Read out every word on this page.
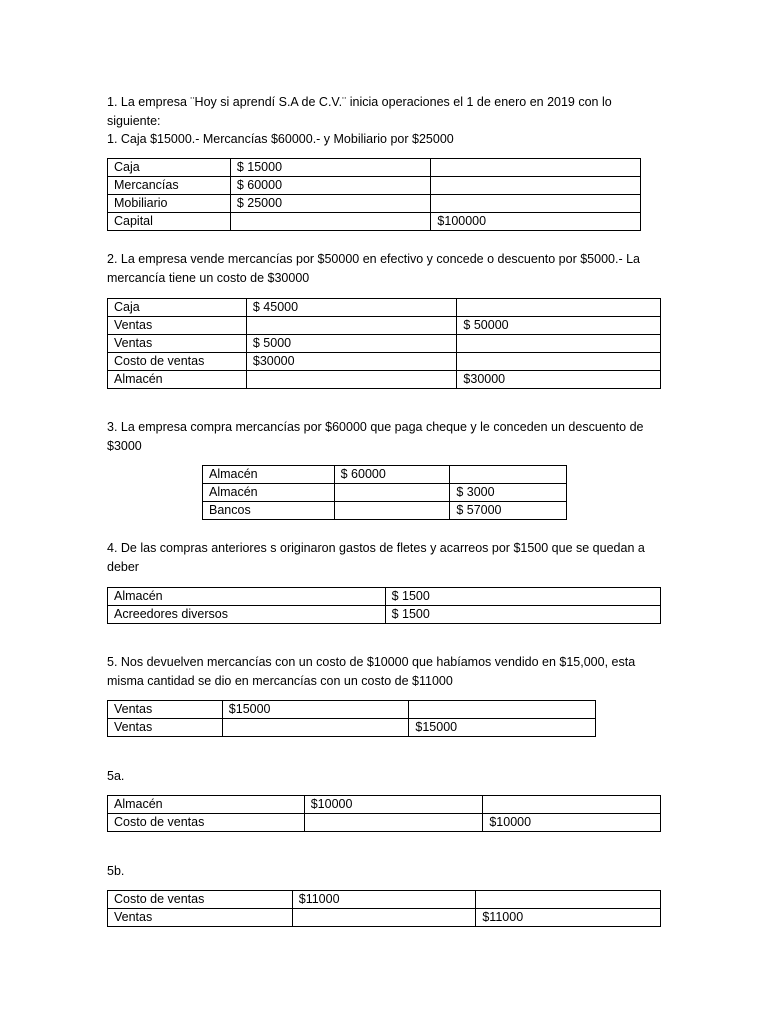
1. La empresa ¨Hoy si aprendí S.A de C.V.¨ inicia operaciones el 1 de enero en 2019 con lo siguiente:

1. Caja $15000.- Mercancías $60000.- y Mobiliario por $25000

Caja	$ 15000	
Mercancías	$ 60000	
Mobiliario	$ 25000	
Capital		$100000

2. La empresa vende mercancías por $50000 en efectivo y concede o descuento por $5000.- La mercancía tiene un costo de $30000

Caja	$ 45000	
Ventas		$ 50000
Ventas	$ 5000	
Costo de ventas	$30000	
Almacén		$30000

3. La empresa compra mercancías por $60000 que paga cheque y le conceden un descuento de $3000

Almacén	$ 60000	
Almacén		$ 3000
Bancos		$ 57000

4. De las compras anteriores s originaron gastos de fletes y acarreos por $1500 que se quedan a deber

Almacén	$ 1500
Acreedores diversos	$ 1500

5. Nos devuelven mercancías con un costo de $10000 que habíamos vendido en $15,000, esta misma cantidad se dio en mercancías con un costo de $11000

Ventas	$15000	
Ventas		$15000

5a.

Almacén	$10000	
Costo de ventas		$10000

5b.

Costo de ventas	$11000	
Ventas		$11000
